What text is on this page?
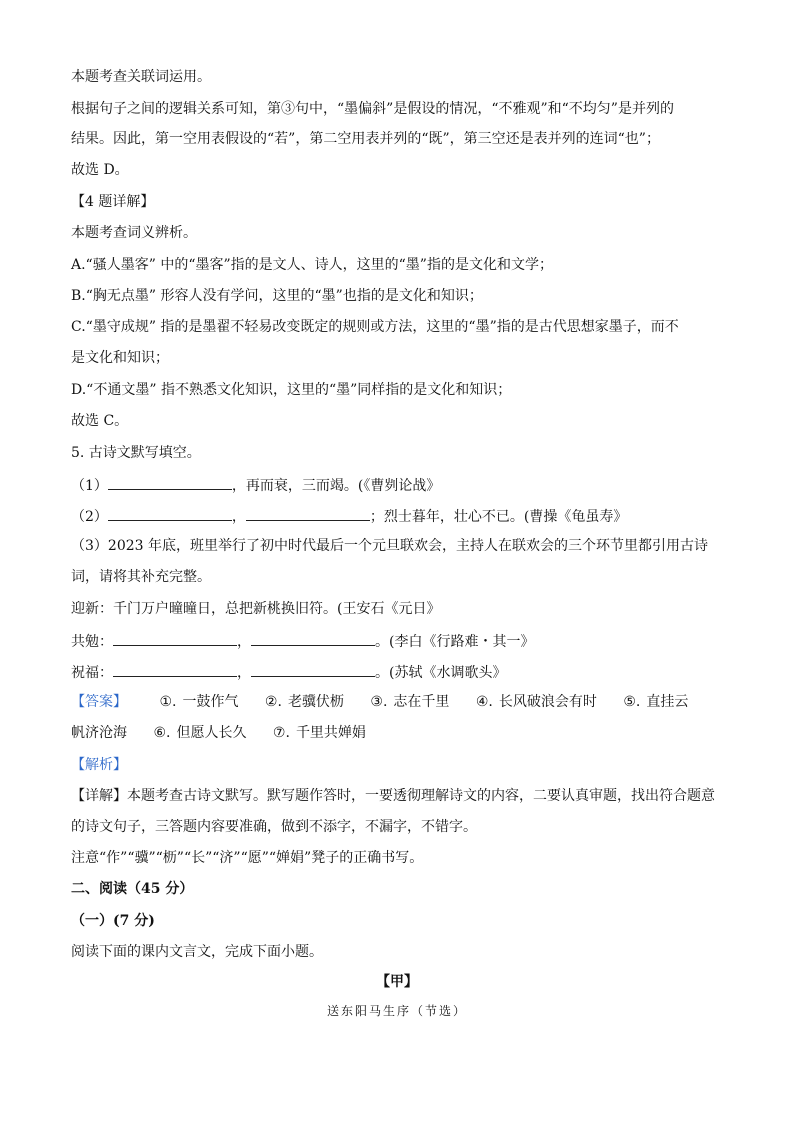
本题考查关联词运用。
根据句子之间的逻辑关系可知，第③句中，“墨偏斜”是假设的情况，“不雅观”和“不均匀”是并列的
结果。因此，第一空用表假设的“若”，第二空用表并列的“既”，第三空还是表并列的连词“也”；
故选 D。
【4 题详解】
本题考查词义辨析。
A.“骚人墨客” 中的“墨客”指的是文人、诗人，这里的“墨”指的是文化和文学；
B.“胸无点墨” 形容人没有学问，这里的“墨”也指的是文化和知识；
C.“墨守成规” 指的是墨翟不轻易改变既定的规则或方法，这里的“墨”指的是古代思想家墨子，而不
是文化和知识；
D.“不通文墨” 指不熟悉文化知识，这里的“墨”同样指的是文化和知识；
故选 C。
5. 古诗文默写填空。
（1）	，再而衰，三而竭。(《曹刿论战》
（2）	，	；烈士暮年，壮心不已。(曹操《龟虽寿》
（3）2023 年底，班里举行了初中时代最后一个元旦联欢会，主持人在联欢会的三个环节里都引用古诗
词，请将其补充完整。
迎新：千门万户曈曈日，总把新桃换旧符。(王安石《元日》
共勉：	，	。(李白《行路难・其一》
祝福：	，	。(苏轼《水调歌头》
【答案】 ①. 一鼓作气 ②. 老骥伏枥 ③. 志在千里 ④. 长风破浪会有时 ⑤. 直挂云
帆济沧海 ⑥. 但愿人长久 ⑦. 千里共婵娟
【解析】
【详解】本题考查古诗文默写。默写题作答时，一要透彻理解诗文的内容，二要认真审题，找出符合题意
的诗文句子，三答题内容要准确，做到不添字，不漏字，不错字。
注意“作”“骥”“枥”“长”“济”“愿”“婵娟”凳子的正确书写。
二、阅读（45 分）
（一）(7 分)
阅读下面的课内文言文，完成下面小题。
【甲】
送东阳马生序（节选）
